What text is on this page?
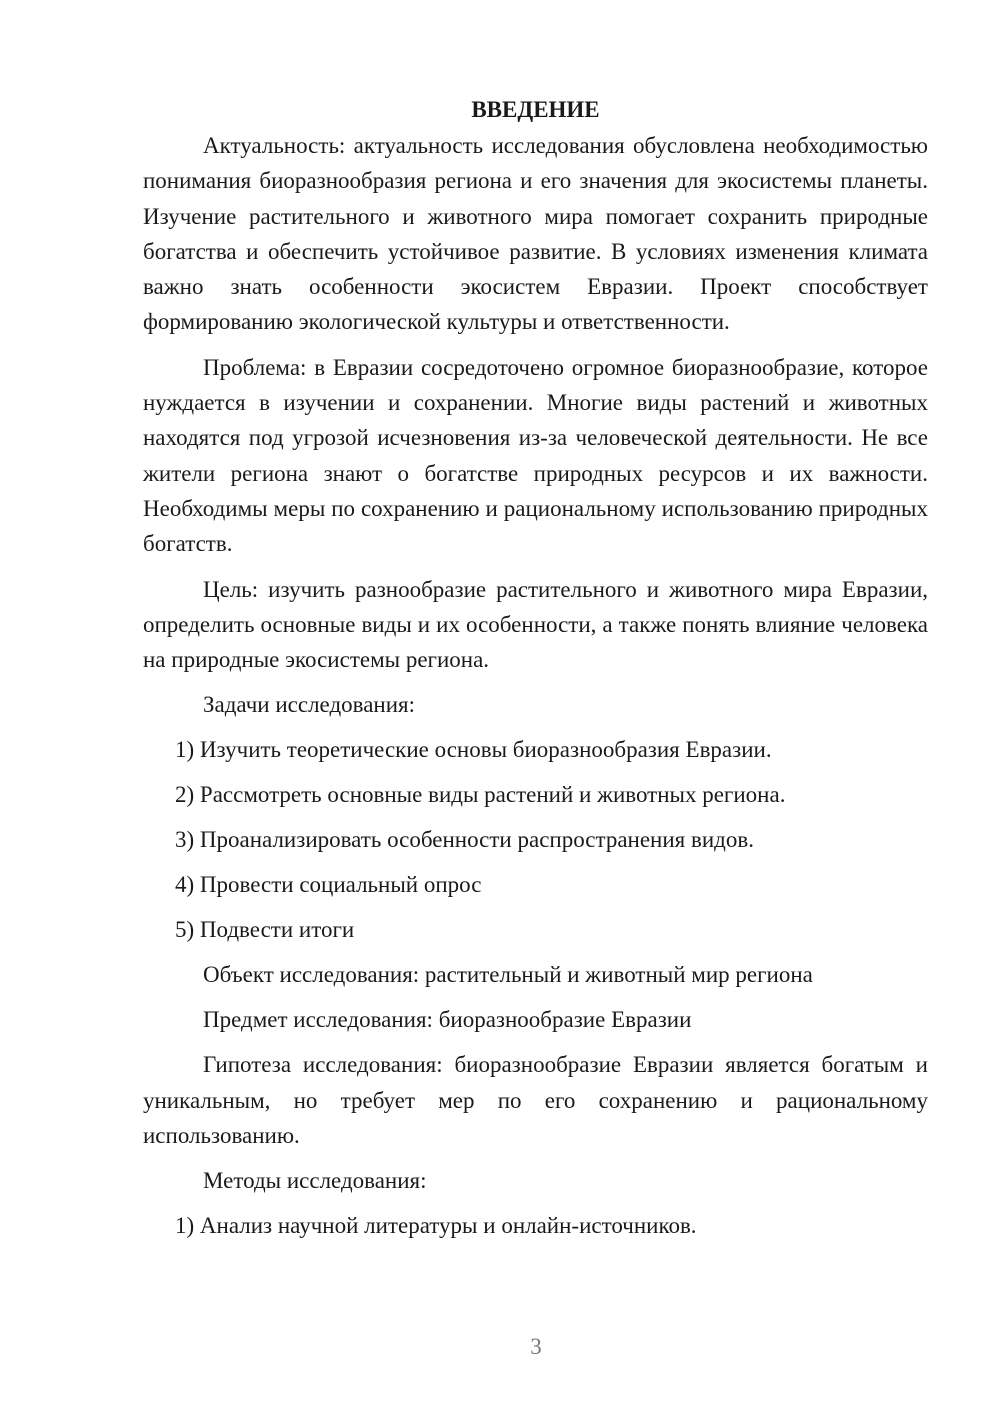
ВВЕДЕНИЕ

Актуальность: актуальность исследования обусловлена необходимостью понимания биоразнообразия региона и его значения для экосистемы планеты. Изучение растительного и животного мира помогает сохранить природные богатства и обеспечить устойчивое развитие. В условиях изменения климата важно знать особенности экосистем Евразии. Проект способствует формированию экологической культуры и ответственности.

Проблема: в Евразии сосредоточено огромное биоразнообразие, которое нуждается в изучении и сохранении. Многие виды растений и животных находятся под угрозой исчезновения из-за человеческой деятельности. Не все жители региона знают о богатстве природных ресурсов и их важности. Необходимы меры по сохранению и рациональному использованию природных богатств.

Цель: изучить разнообразие растительного и животного мира Евразии, определить основные виды и их особенности, а также понять влияние человека на природные экосистемы региона.

Задачи исследования:
1) Изучить теоретические основы биоразнообразия Евразии.
2) Рассмотреть основные виды растений и животных региона.
3) Проанализировать особенности распространения видов.
4) Провести социальный опрос
5) Подвести итоги
Объект исследования: растительный и животный мир региона
Предмет исследования: биоразнообразие Евразии

Гипотеза исследования: биоразнообразие Евразии является богатым и уникальным, но требует мер по его сохранению и рациональному использованию.

Методы исследования:
1) Анализ научной литературы и онлайн-источников.
3
